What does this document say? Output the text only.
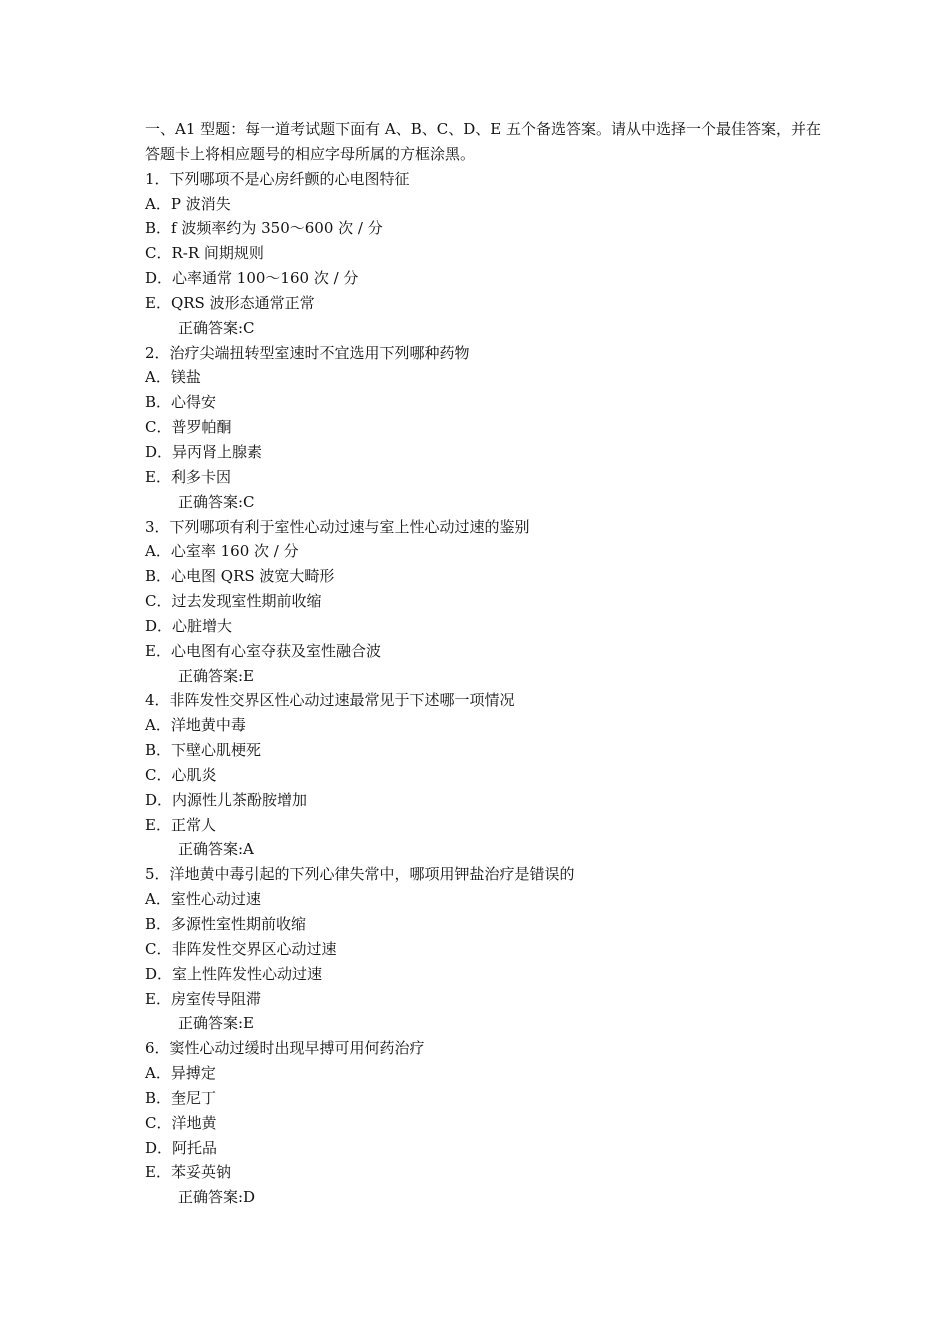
一、A1 型题：每一道考试题下面有 A、B、C、D、E 五个备选答案。请从中选择一个最佳答案，并在答题卡上将相应题号的相应字母所属的方框涂黑。
1．下列哪项不是心房纤颤的心电图特征
A．P 波消失
B．f 波频率约为 350～600 次 / 分
C．R-R 间期规则
D．心率通常 100～160 次 / 分
E．QRS 波形态通常正常
正确答案:C
2．治疗尖端扭转型室速时不宜选用下列哪种药物
A．镁盐
B．心得安
C．普罗帕酮
D．异丙肾上腺素
E．利多卡因
正确答案:C
3．下列哪项有利于室性心动过速与室上性心动过速的鉴别
A．心室率 160 次 / 分
B．心电图 QRS 波宽大畸形
C．过去发现室性期前收缩
D．心脏增大
E．心电图有心室夺获及室性融合波
正确答案:E
4．非阵发性交界区性心动过速最常见于下述哪一项情况
A．洋地黄中毒
B．下壁心肌梗死
C．心肌炎
D．内源性儿茶酚胺增加
E．正常人
正确答案:A
5．洋地黄中毒引起的下列心律失常中，哪项用钾盐治疗是错误的
A．室性心动过速
B．多源性室性期前收缩
C．非阵发性交界区心动过速
D．室上性阵发性心动过速
E．房室传导阻滞
正确答案:E
6．窦性心动过缓时出现早搏可用何药治疗
A．异搏定
B．奎尼丁
C．洋地黄
D．阿托品
E．苯妥英钠
正确答案:D
